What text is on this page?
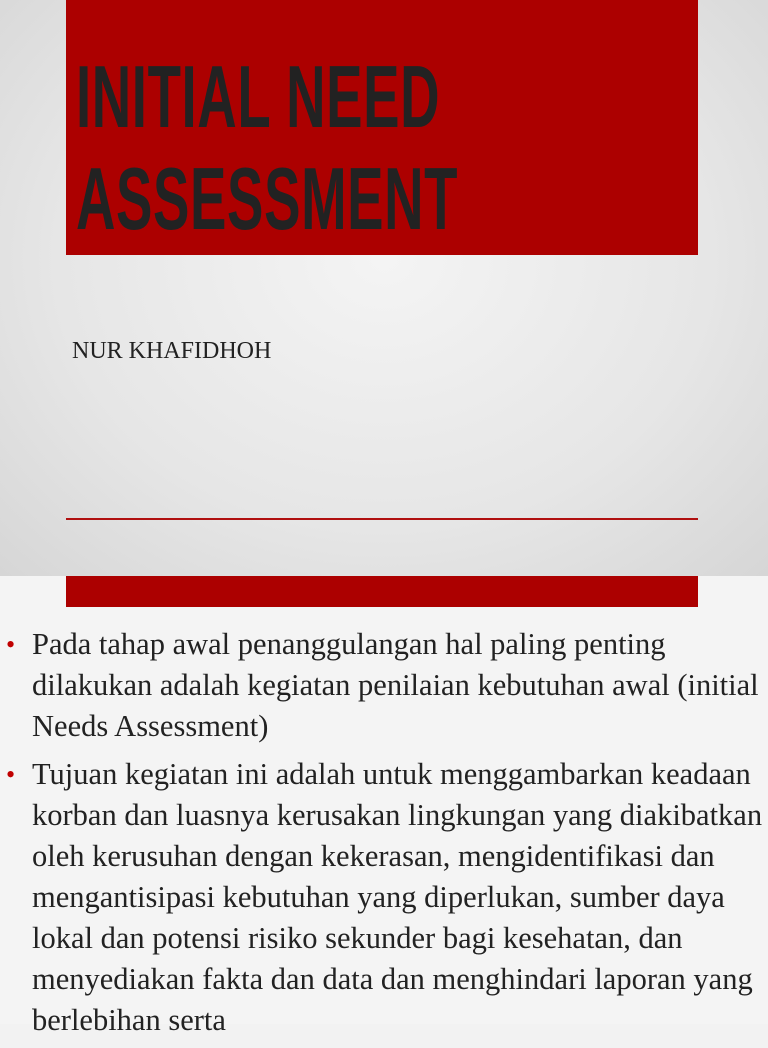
INITIAL NEED
ASSESSMENT
NUR KHAFIDHOH
• Pada tahap awal penanggulangan hal paling penting dilakukan adalah kegiatan penilaian kebutuhan awal (initial Needs Assessment)
• Tujuan kegiatan ini adalah untuk menggambarkan keadaan korban dan luasnya kerusakan lingkungan yang diakibatkan oleh kerusuhan dengan kekerasan, mengidentifikasi dan mengantisipasi kebutuhan yang diperlukan, sumber daya lokal dan potensi risiko sekunder bagi kesehatan, dan menyediakan fakta dan data dan menghindari laporan yang berlebihan serta
